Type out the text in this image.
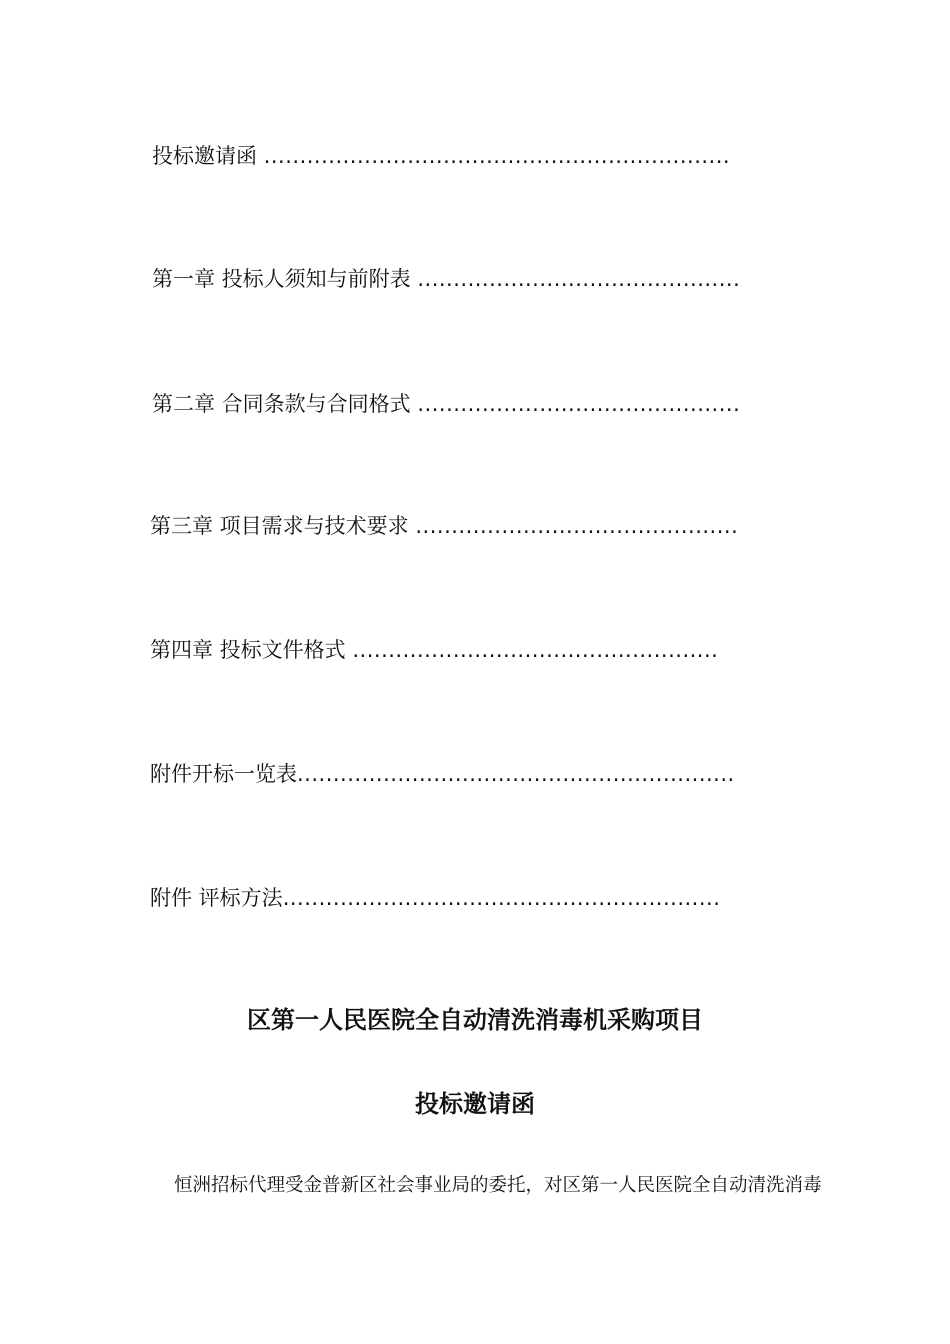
投标邀请函 .................................................................
第一章 投标人须知与前附表 .............................................
第二章 合同条款与合同格式 .............................................
第三章 项目需求与技术要求 .............................................
第四章 投标文件格式 ...................................................
附件开标一览表.............................................................
附件 评标方法.............................................................
区第一人民医院全自动清洗消毒机采购项目
投标邀请函
恒洲招标代理受金普新区社会事业局的委托，对区第一人民医院全自动清洗消毒
